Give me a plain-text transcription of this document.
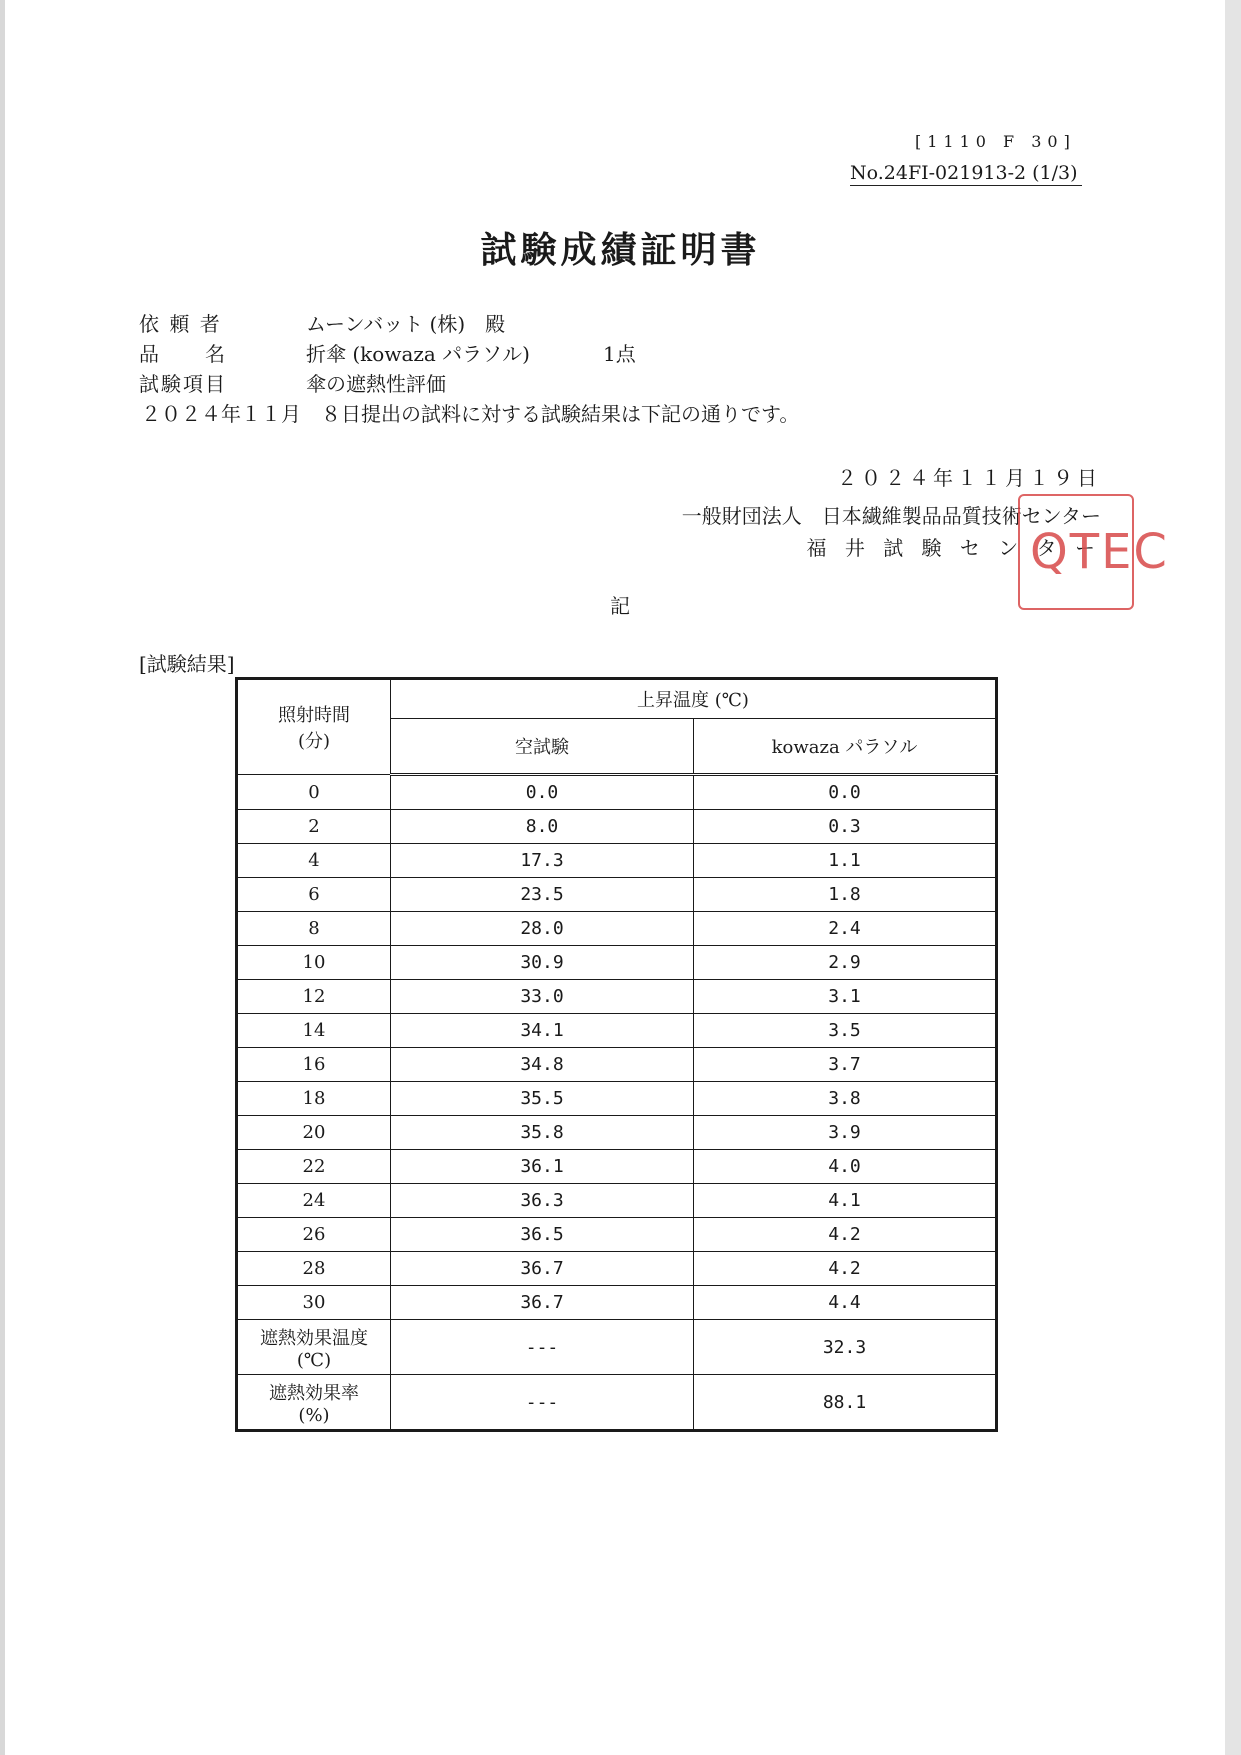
[1110 F 30]
No.24FI-021913-2 (1/3)
試験成績証明書
依 頼 者	ムーンバット (株)　殿
品　　名	折傘 (kowaza パラソル)	1点
試験項目	傘の遮熱性評価
２０２４年１１月　８日提出の試料に対する試験結果は下記の通りです。
２０２４年１１月１９日
一般財団法人　日本繊維製品品質技術センター
福 井 試 験 セ ン タ ー
QTEC
記
[試験結果]
照射時間
(分)	上昇温度 (℃)	
	空試験	kowaza パラソル
0	0.0	0.0
2	8.0	0.3
4	17.3	1.1
6	23.5	1.8
8	28.0	2.4
10	30.9	2.9
12	33.0	3.1
14	34.1	3.5
16	34.8	3.7
18	35.5	3.8
20	35.8	3.9
22	36.1	4.0
24	36.3	4.1
26	36.5	4.2
28	36.7	4.2
30	36.7	4.4
遮熱効果温度
(℃)	---	32.3
遮熱効果率
(%)	---	88.1
